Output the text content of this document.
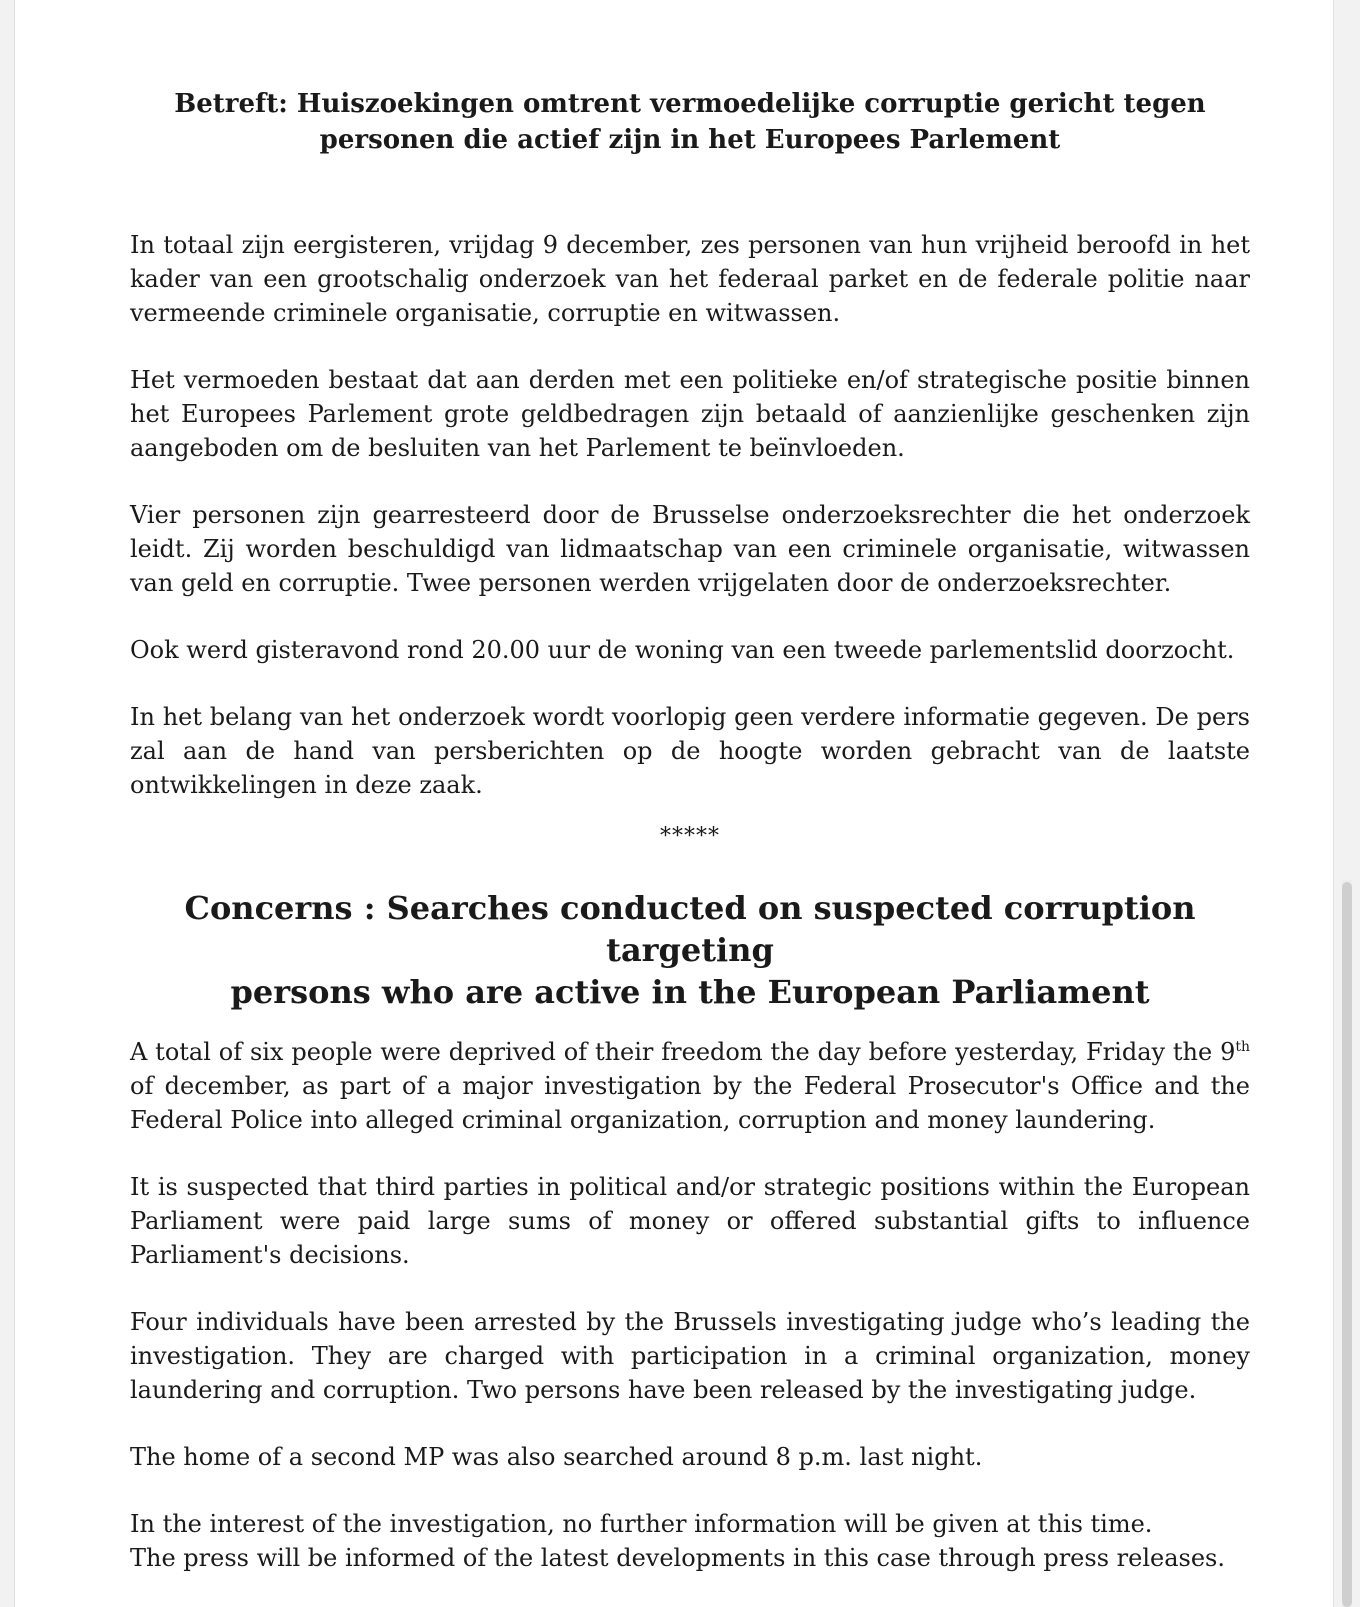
Betreft: Huiszoekingen omtrent vermoedelijke corruptie gericht tegen
personen die actief zijn in het Europees Parlement

In totaal zijn eergisteren, vrijdag 9 december, zes personen van hun vrijheid beroofd in het kader van een grootschalig onderzoek van het federaal parket en de federale politie naar vermeende criminele organisatie, corruptie en witwassen.

Het vermoeden bestaat dat aan derden met een politieke en/of strategische positie binnen het Europees Parlement grote geldbedragen zijn betaald of aanzienlijke geschenken zijn aangeboden om de besluiten van het Parlement te beïnvloeden.

Vier personen zijn gearresteerd door de Brusselse onderzoeksrechter die het onderzoek leidt. Zij worden beschuldigd van lidmaatschap van een criminele organisatie, witwassen van geld en corruptie. Twee personen werden vrijgelaten door de onderzoeksrechter.

Ook werd gisteravond rond 20.00 uur de woning van een tweede parlementslid doorzocht.

In het belang van het onderzoek wordt voorlopig geen verdere informatie gegeven. De pers zal aan de hand van persberichten op de hoogte worden gebracht van de laatste ontwikkelingen in deze zaak.

*****
Concerns : Searches conducted on suspected corruption targeting
persons who are active in the European Parliament

A total of six people were deprived of their freedom the day before yesterday, Friday the 9th of december, as part of a major investigation by the Federal Prosecutor's Office and the Federal Police into alleged criminal organization, corruption and money laundering.

It is suspected that third parties in political and/or strategic positions within the European Parliament were paid large sums of money or offered substantial gifts to influence Parliament's decisions.

Four individuals have been arrested by the Brussels investigating judge who’s leading the investigation. They are charged with participation in a criminal organization, money laundering and corruption. Two persons have been released by the investigating judge.

The home of a second MP was also searched around 8 p.m. last night.

In the interest of the investigation, no further information will be given at this time.
The press will be informed of the latest developments in this case through press releases.
